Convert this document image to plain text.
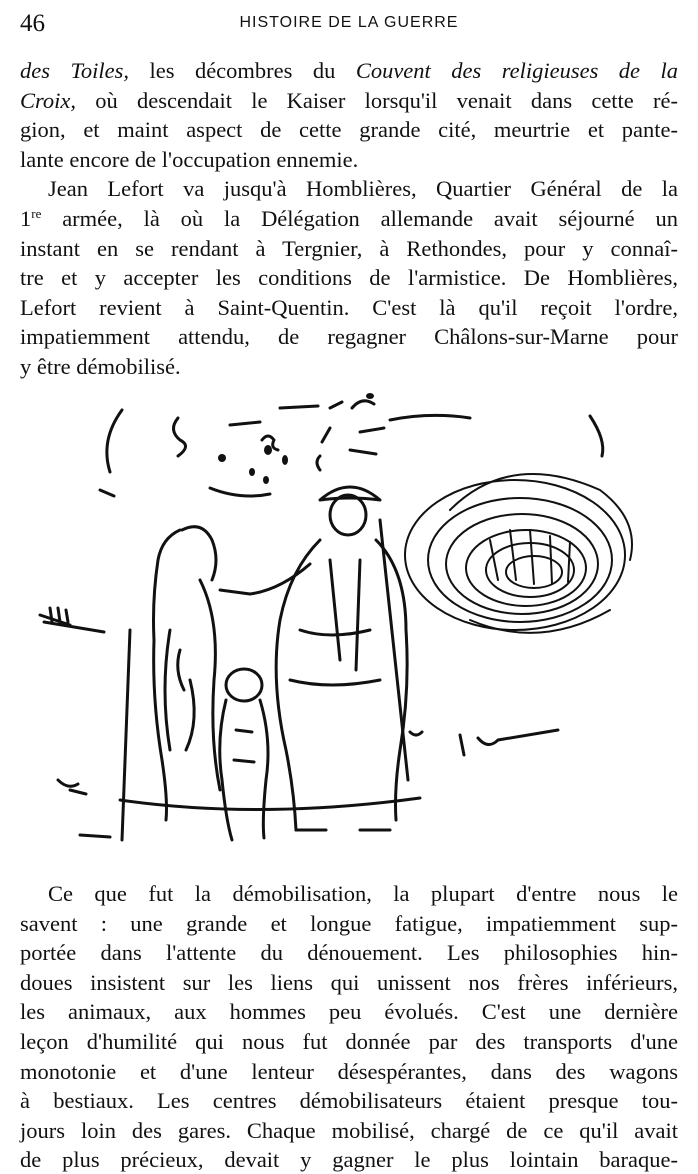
46	HISTOIRE DE LA GUERRE
des Toiles, les décombres du Couvent des religieuses de la
Croix, où descendait le Kaiser lorsqu'il venait dans cette ré-
gion, et maint aspect de cette grande cité, meurtrie et pante-
lante encore de l'occupation ennemie.
Jean Lefort va jusqu'à Homblières, Quartier Général de la
1re armée, là où la Délégation allemande avait séjourné un
instant en se rendant à Tergnier, à Rethondes, pour y connaî-
tre et y accepter les conditions de l'armistice. De Homblières,
Lefort revient à Saint-Quentin. C'est là qu'il reçoit l'ordre,
impatiemment attendu, de regagner Châlons-sur-Marne pour
y être démobilisé.
Ce que fut la démobilisation, la plupart d'entre nous le
savent : une grande et longue fatigue, impatiemment sup-
portée dans l'attente du dénouement. Les philosophies hin-
doues insistent sur les liens qui unissent nos frères inférieurs,
les animaux, aux hommes peu évolués. C'est une dernière
leçon d'humilité qui nous fut donnée par des transports d'une
monotonie et d'une lenteur désespérantes, dans des wagons
à bestiaux. Les centres démobilisateurs étaient presque tou-
jours loin des gares. Chaque mobilisé, chargé de ce qu'il avait
de plus précieux, devait y gagner le plus lointain baraque-
